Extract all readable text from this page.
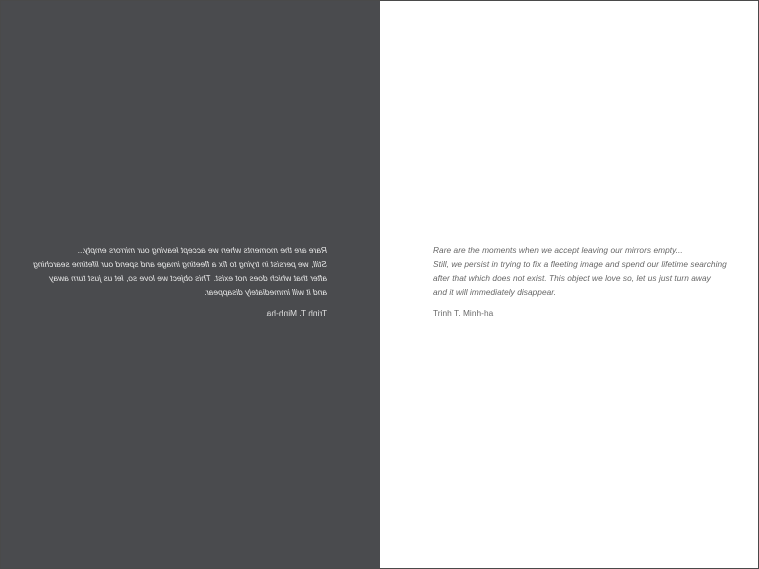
Rare are the moments when we accept leaving our mirrors empty...
Still, we persist in trying to fix a fleeting image and spend our lifetime searching
after that which does not exist. This object we love so, let us just turn away
and it will immediately disappear.
Trinh T. Minh-ha
Rare are the moments when we accept leaving our mirrors empty...
Still, we persist in trying to fix a fleeting image and spend our lifetime searching
after that which does not exist. This object we love so, let us just turn away
and it will immediately disappear.
Trinh T. Minh-ha
